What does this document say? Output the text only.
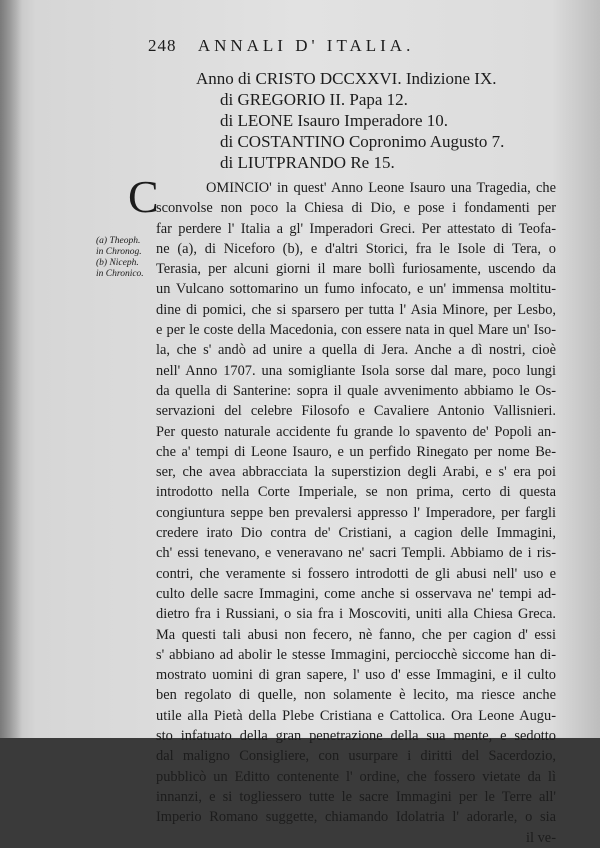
248 ANNALI D' ITALIA.
Anno di CRISTO DCCXXVI. Indizione IX.
di GREGORIO II. Papa 12.
di LEONE Isauro Imperadore 10.
di COSTANTINO Copronimo Augusto 7.
di LIUTPRANDO Re 15.
(a) Theoph.
in Chronog.
(b) Niceph.
in Chronico.
C	OMINCIO' in quest' Anno Leone Isauro una Tragedia, che
sconvolse non poco la Chiesa di Dio, e pose i fondamenti per
far perdere l' Italia a gl' Imperadori Greci. Per attestato di Teofa-
ne (a), di Niceforo (b), e d'altri Storici, fra le Isole di Tera, o
Terasia, per alcuni giorni il mare bollì furiosamente, uscendo da
un Vulcano sottomarino un fumo infocato, e un' immensa moltitu-
dine di pomici, che si sparsero per tutta l' Asia Minore, per Lesbo,
e per le coste della Macedonia, con essere nata in quel Mare un' Iso-
la, che s' andò ad unire a quella di Jera. Anche a dì nostri, cioè
nell' Anno 1707. una somigliante Isola sorse dal mare, poco lungi
da quella di Santerine: sopra il quale avvenimento abbiamo le Os-
servazioni del celebre Filosofo e Cavaliere Antonio Vallisnieri.
Per questo naturale accidente fu grande lo spavento de' Popoli an-
che a' tempi di Leone Isauro, e un perfido Rinegato per nome Be-
ser, che avea abbracciata la superstizion degli Arabi, e s' era poi
introdotto nella Corte Imperiale, se non prima, certo di questa
congiuntura seppe ben prevalersi appresso l' Imperadore, per fargli
credere irato Dio contra de' Cristiani, a cagion delle Immagini,
ch' essi tenevano, e veneravano ne' sacri Templi. Abbiamo de i ris-
contri, che veramente si fossero introdotti de gli abusi nell' uso e
culto delle sacre Immagini, come anche si osservava ne' tempi ad-
dietro fra i Russiani, o sia fra i Moscoviti, uniti alla Chiesa Greca.
Ma questi tali abusi non fecero, nè fanno, che per cagion d' essi
s' abbiano ad abolir le stesse Immagini, perciocchè siccome han di-
mostrato uomini di gran sapere, l' uso d' esse Immagini, e il culto
ben regolato di quelle, non solamente è lecito, ma riesce anche
utile alla Pietà della Plebe Cristiana e Cattolica. Ora Leone Augu-
sto infatuato della gran penetrazione della sua mente, e sedotto
dal maligno Consigliere, con usurpare i diritti del Sacerdozio,
pubblicò un Editto contenente l' ordine, che fossero vietate da lì
innanzi, e si togliessero tutte le sacre Immagini per le Terre all'
Imperio Romano suggette, chiamando Idolatria l' adorarle, o sia
il ve-
